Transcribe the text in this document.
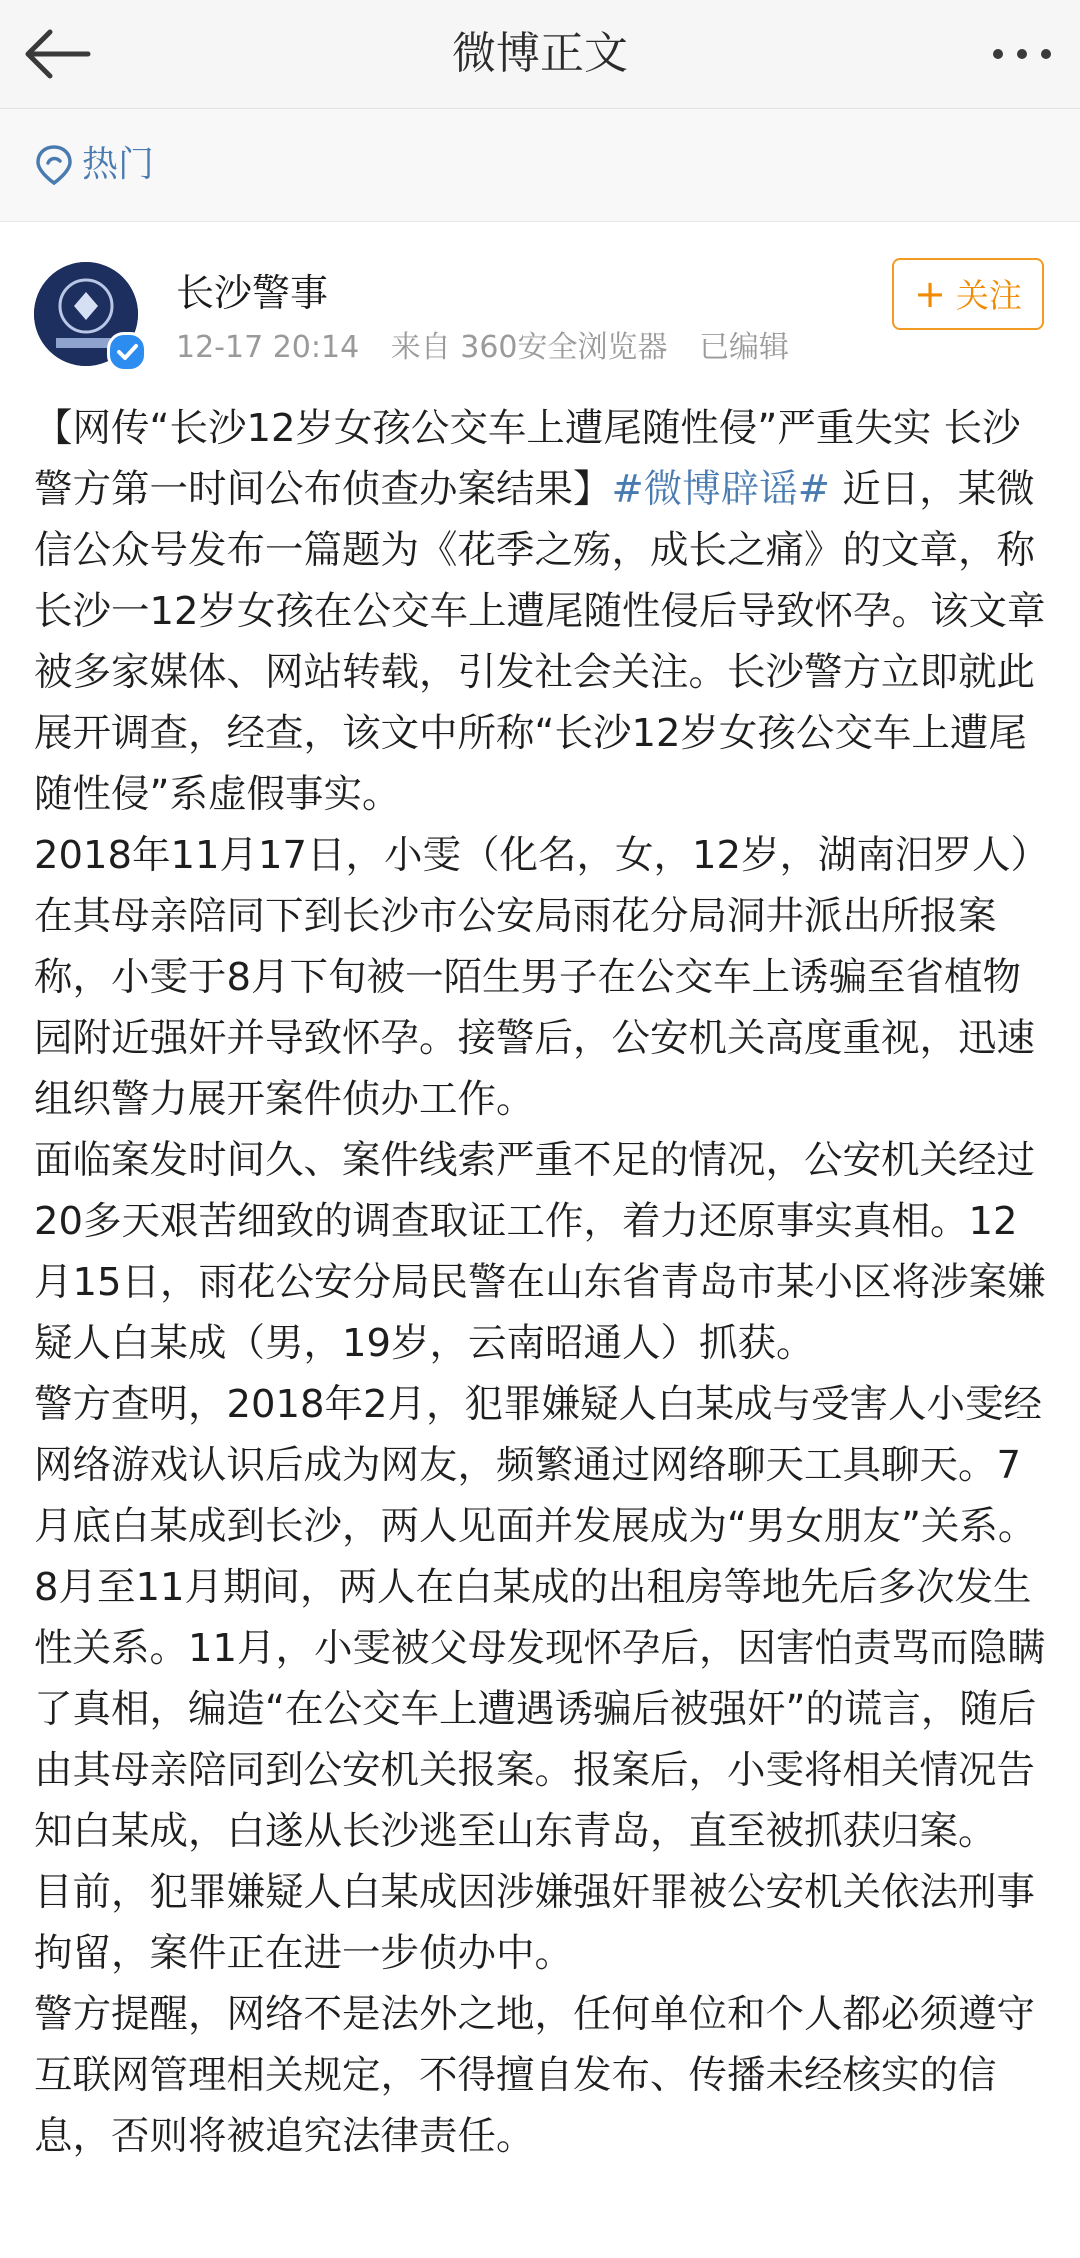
微博正文
热门
长沙警事
12-17 20:14 来自 360安全浏览器 已编辑
+ 关注

【网传“长沙12岁女孩公交车上遭尾随性侵”严重失实 长沙警方第一时间公布侦查办案结果】#微博辟谣# 近日，某微信公众号发布一篇题为《花季之殇，成长之痛》的文章，称长沙一12岁女孩在公交车上遭尾随性侵后导致怀孕。该文章被多家媒体、网站转载，引发社会关注。长沙警方立即就此展开调查，经查，该文中所称“长沙12岁女孩公交车上遭尾随性侵”系虚假事实。

2018年11月17日，小雯（化名，女，12岁，湖南汨罗人）在其母亲陪同下到长沙市公安局雨花分局洞井派出所报案称，小雯于8月下旬被一陌生男子在公交车上诱骗至省植物园附近强奸并导致怀孕。接警后，公安机关高度重视，迅速组织警力展开案件侦办工作。

面临案发时间久、案件线索严重不足的情况，公安机关经过20多天艰苦细致的调查取证工作，着力还原事实真相。12月15日，雨花公安分局民警在山东省青岛市某小区将涉案嫌疑人白某成（男，19岁，云南昭通人）抓获。

警方查明，2018年2月，犯罪嫌疑人白某成与受害人小雯经网络游戏认识后成为网友，频繁通过网络聊天工具聊天。7月底白某成到长沙，两人见面并发展成为“男女朋友”关系。8月至11月期间，两人在白某成的出租房等地先后多次发生性关系。11月，小雯被父母发现怀孕后，因害怕责骂而隐瞒了真相，编造“在公交车上遭遇诱骗后被强奸”的谎言，随后由其母亲陪同到公安机关报案。报案后，小雯将相关情况告知白某成，白遂从长沙逃至山东青岛，直至被抓获归案。

目前，犯罪嫌疑人白某成因涉嫌强奸罪被公安机关依法刑事拘留，案件正在进一步侦办中。

警方提醒，网络不是法外之地，任何单位和个人都必须遵守互联网管理相关规定，不得擅自发布、传播未经核实的信息，否则将被追究法律责任。
